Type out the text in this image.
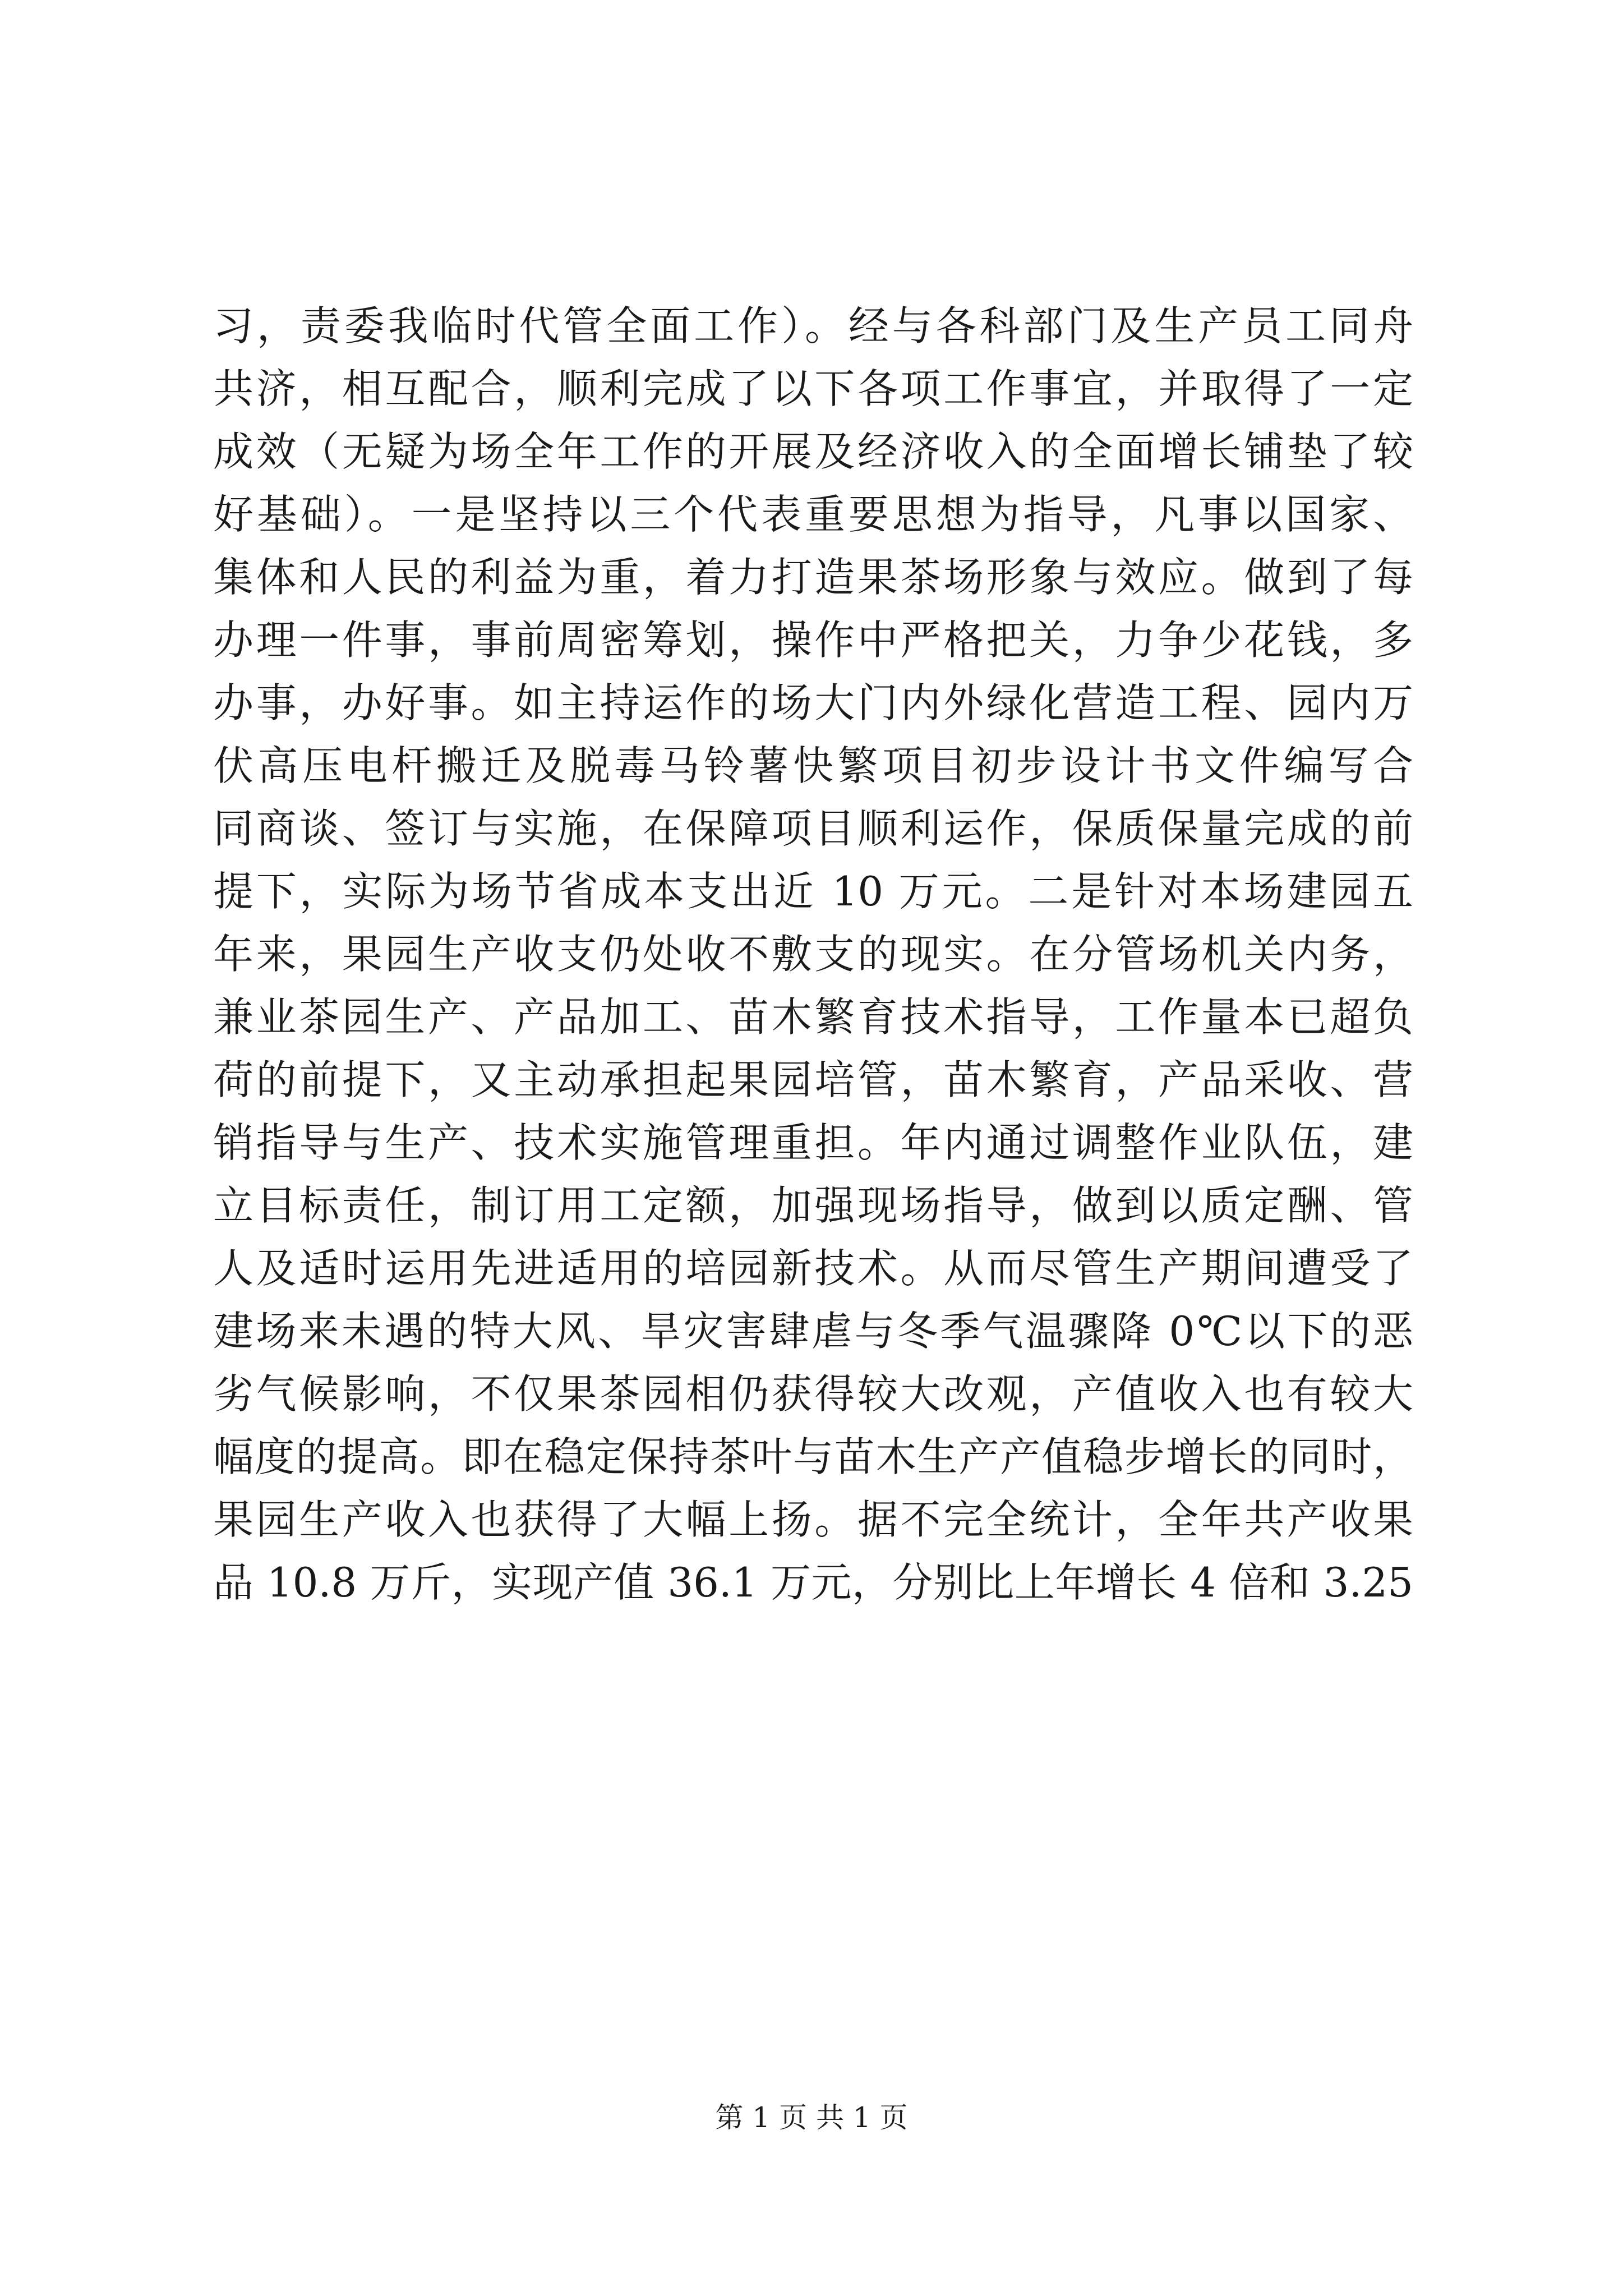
习，责委我临时代管全面工作）。经与各科部门及生产员工同舟
共济，相互配合，顺利完成了以下各项工作事宜，并取得了一定
成效（无疑为场全年工作的开展及经济收入的全面增长铺垫了较
好基础）。一是坚持以三个代表重要思想为指导，凡事以国家、
集体和人民的利益为重，着力打造果茶场形象与效应。做到了每
办理一件事，事前周密筹划，操作中严格把关，力争少花钱，多
办事，办好事。如主持运作的场大门内外绿化营造工程、园内万
伏高压电杆搬迁及脱毒马铃薯快繁项目初步设计书文件编写合
同商谈、签订与实施，在保障项目顺利运作，保质保量完成的前
提下，实际为场节省成本支出近 10 万元。二是针对本场建园五
年来，果园生产收支仍处收不敷支的现实。在分管场机关内务，
兼业茶园生产、产品加工、苗木繁育技术指导，工作量本已超负
荷的前提下，又主动承担起果园培管，苗木繁育，产品采收、营
销指导与生产、技术实施管理重担。年内通过调整作业队伍，建
立目标责任，制订用工定额，加强现场指导，做到以质定酬、管
人及适时运用先进适用的培园新技术。从而尽管生产期间遭受了
建场来未遇的特大风、旱灾害肆虐与冬季气温骤降 0℃以下的恶
劣气候影响，不仅果茶园相仍获得较大改观，产值收入也有较大
幅度的提高。即在稳定保持茶叶与苗木生产产值稳步增长的同时，
果园生产收入也获得了大幅上扬。据不完全统计，全年共产收果
品 10.8 万斤，实现产值 36.1 万元，分别比上年增长 4 倍和 3.25
第 1 页 共 1 页
